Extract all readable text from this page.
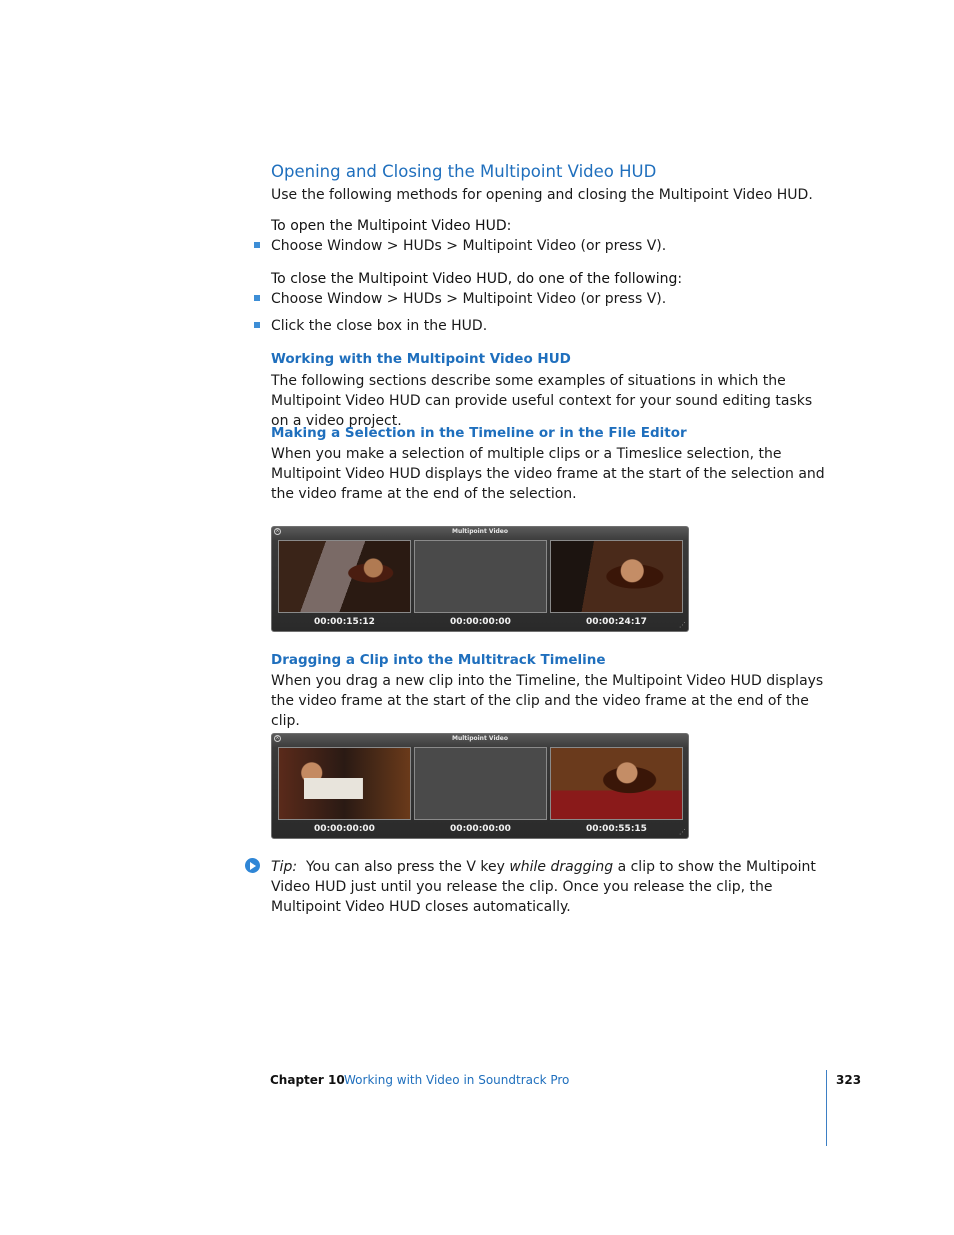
Opening and Closing the Multipoint Video HUD

Use the following methods for opening and closing the Multipoint Video HUD.

To open the Multipoint Video HUD:

Choose Window > HUDs > Multipoint Video (or press V).

To close the Multipoint Video HUD, do one of the following:

Choose Window > HUDs > Multipoint Video (or press V).
Click the close box in the HUD.
Working with the Multipoint Video HUD

The following sections describe some examples of situations in which the Multipoint Video HUD can provide useful context for your sound editing tasks on a video project.

Making a Selection in the Timeline or in the File Editor

When you make a selection of multiple clips or a Timeslice selection, the Multipoint Video HUD displays the video frame at the start of the selection and the video frame at the end of the selection.

×	Multipoint Video
00:00:15:12	00:00:00:00	00:00:24:17	⋰
Dragging a Clip into the Multitrack Timeline

When you drag a new clip into the Timeline, the Multipoint Video HUD displays the video frame at the start of the clip and the video frame at the end of the clip.

×	Multipoint Video
00:00:00:00	00:00:00:00	00:00:55:15	⋰

Tip: You can also press the V key while dragging a clip to show the Multipoint Video HUD just until you release the clip. Once you release the clip, the Multipoint Video HUD closes automatically.

Chapter 10 Working with Video in Soundtrack Pro	323
